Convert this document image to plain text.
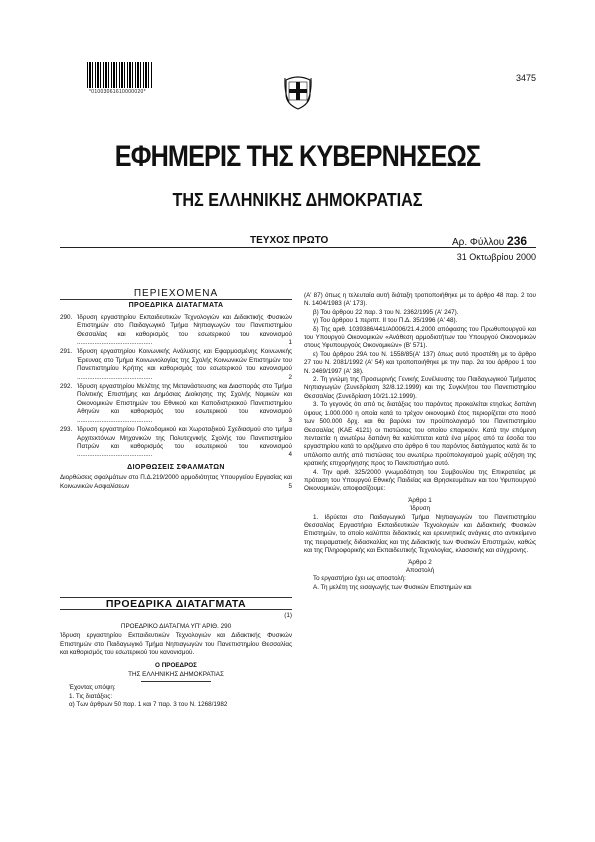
*01003061610000020*
3475
ΕΦΗΜΕΡΙΣ ΤΗΣ ΚΥΒΕΡΝΗΣΕΩΣ
ΤΗΣ ΕΛΛΗΝΙΚΗΣ ΔΗΜΟΚΡΑΤΙΑΣ
ΤΕΥΧΟΣ ΠΡΩΤΟ	Αρ. Φύλλου 236
31 Οκτωβρίου 2000
ΠΕΡΙΕΧΟΜΕΝΑ
ΠΡΟΕΔΡΙΚΑ ΔΙΑΤΑΓΜΑΤΑ
290. Ίδρυση εργαστηρίου Εκπαιδευτικών Τεχνολογιών και Διδακτικής Φυσικών Επιστημών στο Παιδαγωγικό Τμήμα Νηπιαγωγών του Πανεπιστημίου Θεσσαλίας και καθορισμός του εσωτερικού του κανονισμού .....
1
291. Ίδρυση εργαστηρίου Κοινωνικής Ανάλυσης και Εφαρμοσμένης Κοινωνικής Έρευνας στο Τμήμα Κοινωνιολογίας της Σχολής Κοινωνικών Επιστημών του Πανεπιστημίου Κρήτης και καθορισμός του εσωτερικού του κανονισμού .....
2
292. Ίδρυση εργαστηρίου Μελέτης της Μετανάστευσης και Διασποράς στο Τμήμα Πολιτικής Επιστήμης και Δημόσιας Διοίκησης της Σχολής Νομικών και Οικονομικών Επιστημών του Εθνικού και Καποδιστριακού Πανεπιστημίου Αθηνών και καθορισμός του εσωτερικού του κανονισμού .....
3
293. Ίδρυση εργαστηρίου Πολεοδομικού και Χωροταξικού Σχεδιασμού στο τμήμα Αρχιτεκτόνων Μηχανικών της Πολυτεχνικής Σχολής του Πανεπιστημίου Πατρών και καθορισμός του εσωτερικού του κανονισμού .....
4
ΔΙΟΡΘΩΣΕΙΣ ΣΦΑΛΜΑΤΩΝ
Διορθώσεις σφαλμάτων στο Π.Δ.219/2000 αρμοδιότητας Υπουργείου Εργασίας και Κοινωνικών Ασφαλίσεων	5
ΠΡΟΕΔΡΙΚΑ ΔΙΑΤΑΓΜΑΤΑ
(1)
ΠΡΟΕΔΡΙΚΟ ΔΙΑΤΑΓΜΑ ΥΠ' ΑΡΙΘ. 290
Ίδρυση εργαστηρίου Εκπαιδευτικών Τεχνολογιών και Διδακτικής Φυσικών Επιστημών στο Παιδαγωγικό Τμήμα Νηπιαγωγών του Πανεπιστημίου Θεσσαλίας και καθορισμός του εσωτερικού του κανονισμού.
Ο ΠΡΟΕΔΡΟΣ
ΤΗΣ ΕΛΛΗΝΙΚΗΣ ΔΗΜΟΚΡΑΤΙΑΣ
Έχοντας υπόψη:
1. Τις διατάξεις:
α) Των άρθρων 50 παρ. 1 και 7 παρ. 3 του Ν. 1268/1982
(Α' 87) όπως η τελευταία αυτή διάταξη τροποποιήθηκε με το άρθρο 48 παρ. 2 του Ν. 1404/1983 (Α' 173).
β) Του άρθρου 22 παρ. 3 του Ν. 2362/1995 (Α' 247).
γ) Του άρθρου 1 περιπτ. ΙΙ του Π.Δ. 35/1996 (Α' 48).
δ) Της αριθ. 1039386/441/Α0006/21.4.2000 απόφασης του Πρωθυπουργού και του Υπουργού Οικονομικών «Ανάθεση αρμοδιοτήτων του Υπουργού Οικονομικών στους Υφυπουργούς Οικονομικών» (Β' 571).
ε) Του άρθρου 29Α του Ν. 1558/85(Α' 137) όπως αυτό προστέθη με το άρθρο 27 του Ν. 2081/1992 (Α' 54) και τροποποιήθηκε με την παρ. 2α του άρθρου 1 του Ν. 2469/1997 (Α' 38).
2. Τη γνώμη της Προσωρινής Γενικής Συνέλευσης του Παιδαγωγικού Τμήματος Νηπιαγωγών (Συνεδρίαση 32/8.12.1999) και της Συγκλήτου του Πανεπιστημίου Θεσσαλίας (Συνεδρίαση 10/21.12.1999).
3. Το γεγονός ότι από τις διατάξεις του παρόντος προκαλείται ετησίως δαπάνη ύψους 1.000.000 η οποία κατά το τρέχον οικονομικό έτος περιορίζεται στο ποσό των 500.000 δρχ. και θα βαρύνει τον προϋπολογισμό του Πανεπιστημίου Θεσσαλίας (ΚΑΕ 4121) οι πιστώσεις του οποίου επαρκούν. Κατά την επόμενη πενταετία η ανωτέρω δαπάνη θα καλύπτεται κατά ένα μέρος από τα έσοδα του εργαστηρίου κατά το οριζόμενο στο άρθρο 6 του παρόντος διατάγματος κατά δε το υπόλοιπο αυτής από πιστώσεις του ανωτέρω προϋπολογισμού χωρίς αύξηση της κρατικής επιχορήγησης προς το Πανεπιστήμιο αυτό.
4. Την αριθ. 325/2000 γνωμοδότηση του Συμβουλίου της Επικρατείας με πρόταση του Υπουργού Εθνικής Παιδείας και Θρησκευμάτων και του Υφυπουργού Οικονομικών, αποφασίζουμε:
Άρθρο 1
Ίδρυση
1. Ιδρύεται στο Παιδαγωγικό Τμήμα Νηπιαγωγών του Πανεπιστημίου Θεσσαλίας Εργαστήριο Εκπαιδευτικών Τεχνολογιών και Διδακτικής Φυσικών Επιστημών, το οποίο καλύπτει διδακτικές και ερευνητικές ανάγκες στο αντικείμενο της πειραματικής διδασκαλίας και της Διδακτικής των Φυσικών Επιστημών, καθώς και της Πληροφορικής και Εκπαιδευτικής Τεχνολογίας, κλασσικής και σύγχρονης.
Άρθρο 2
Αποστολή
Το εργαστήριο έχει ως αποστολή:
Α. Τη μελέτη της εισαγωγής των Φυσικών Επιστημών και
